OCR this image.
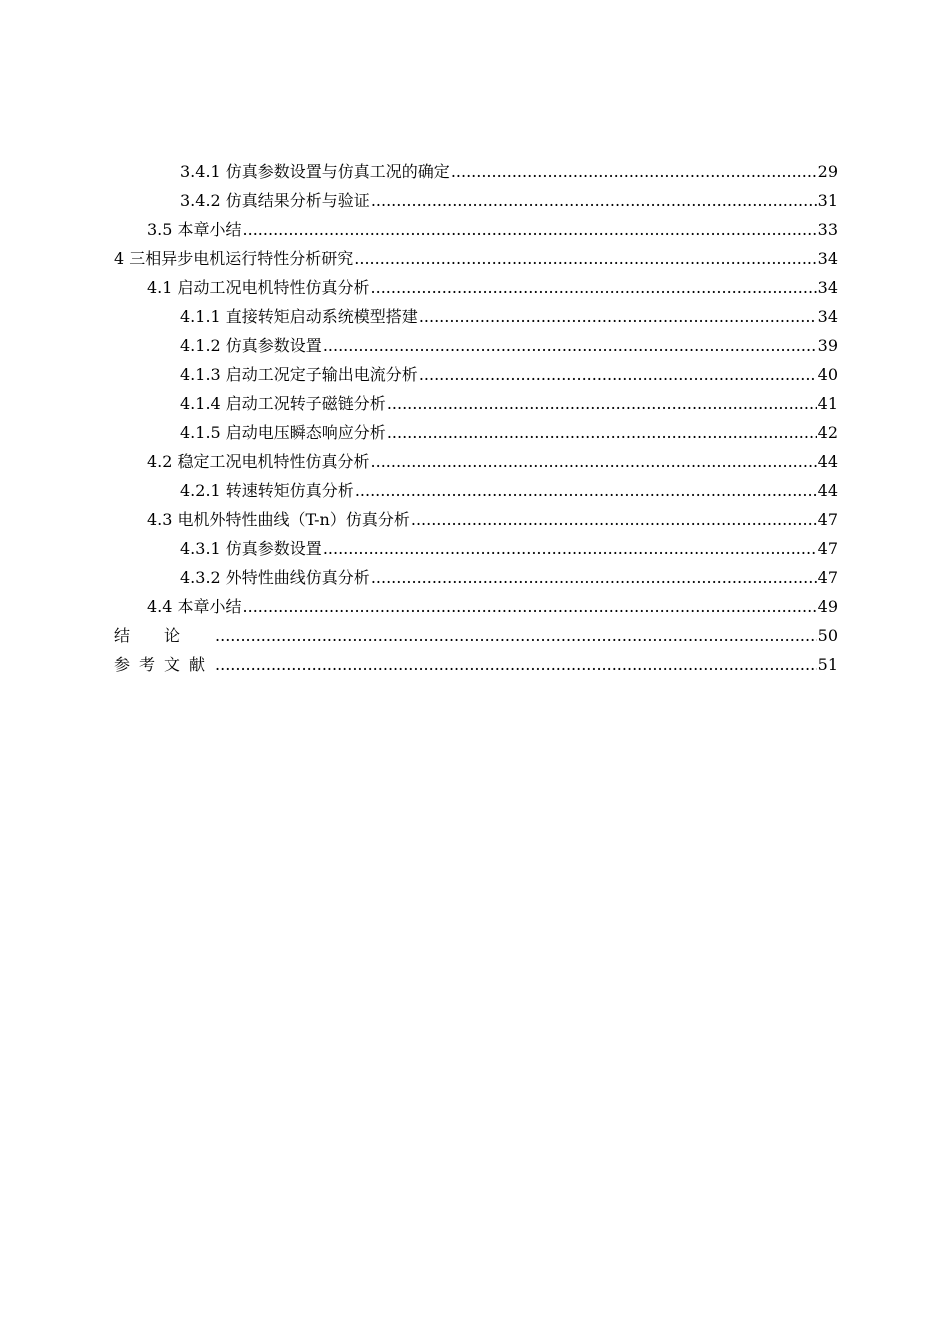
3.4.1 仿真参数设置与仿真工况的确定 .....	29
3.4.2 仿真结果分析与验证 .....	31
3.5 本章小结 .....	33
4 三相异步电机运行特性分析研究 .....	34
4.1 启动工况电机特性仿真分析 .....	34
4.1.1 直接转矩启动系统模型搭建 .....	34
4.1.2 仿真参数设置 .....	39
4.1.3 启动工况定子输出电流分析 .....	40
4.1.4 启动工况转子磁链分析 .....	41
4.1.5 启动电压瞬态响应分析 .....	42
4.2 稳定工况电机特性仿真分析 .....	44
4.2.1 转速转矩仿真分析 .....	44
4.3 电机外特性曲线（T-n）仿真分析 .....	47
4.3.1 仿真参数设置 .....	47
4.3.2 外特性曲线仿真分析 .....	47
4.4 本章小结 .....	49
结论 .....	50
参考文献 .....	51
